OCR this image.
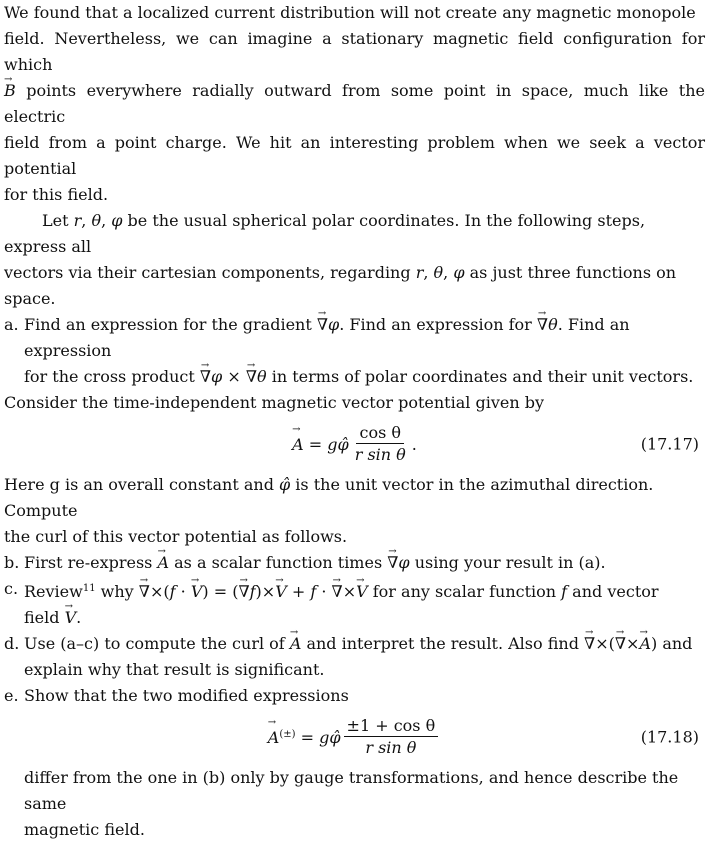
We found that a localized current distribution will not create any magnetic monopole

field. Nevertheless, we can imagine a stationary magnetic field configuration for which

→ B points everywhere radially outward from some point in space, much like the electric

field from a point charge. We hit an interesting problem when we seek a vector potential

for this field.

Let r, θ, φ be the usual spherical polar coordinates. In the following steps, express all

vectors via their cartesian components, regarding r, θ, φ as just three functions on space.

a. Find an expression for the gradient → ∇φ. Find an expression for → ∇θ. Find an expression
for the cross product → ∇φ × → ∇θ in terms of polar coordinates and their unit vectors.

Consider the time-independent magnetic vector potential given by

→ A = gφ̂ $\frac{\text{cos θ}}{\text{r sin θ}}$ .	(17.17)

Here g is an overall constant and φ̂ is the unit vector in the azimuthal direction. Compute

the curl of this vector potential as follows.

b. First re-express → A as a scalar function times → ∇φ using your result in (a).
c. Review$^{11}$ why → ∇×(f · → V) = (→ ∇f)×→ V + f · → ∇×→ V for any scalar function f and vector
field → V.
d. Use (a–c) to compute the curl of → A and interpret the result. Also find → ∇×(→ ∇×→ A) and
explain why that result is significant.
e. Show that the two modified expressions
→ A(±) = gφ̂ $\frac{\text{±1 + cos θ}}{\text{r sin θ}}$	(17.18)

differ from the one in (b) only by gauge transformations, and hence describe the same

magnetic field.
